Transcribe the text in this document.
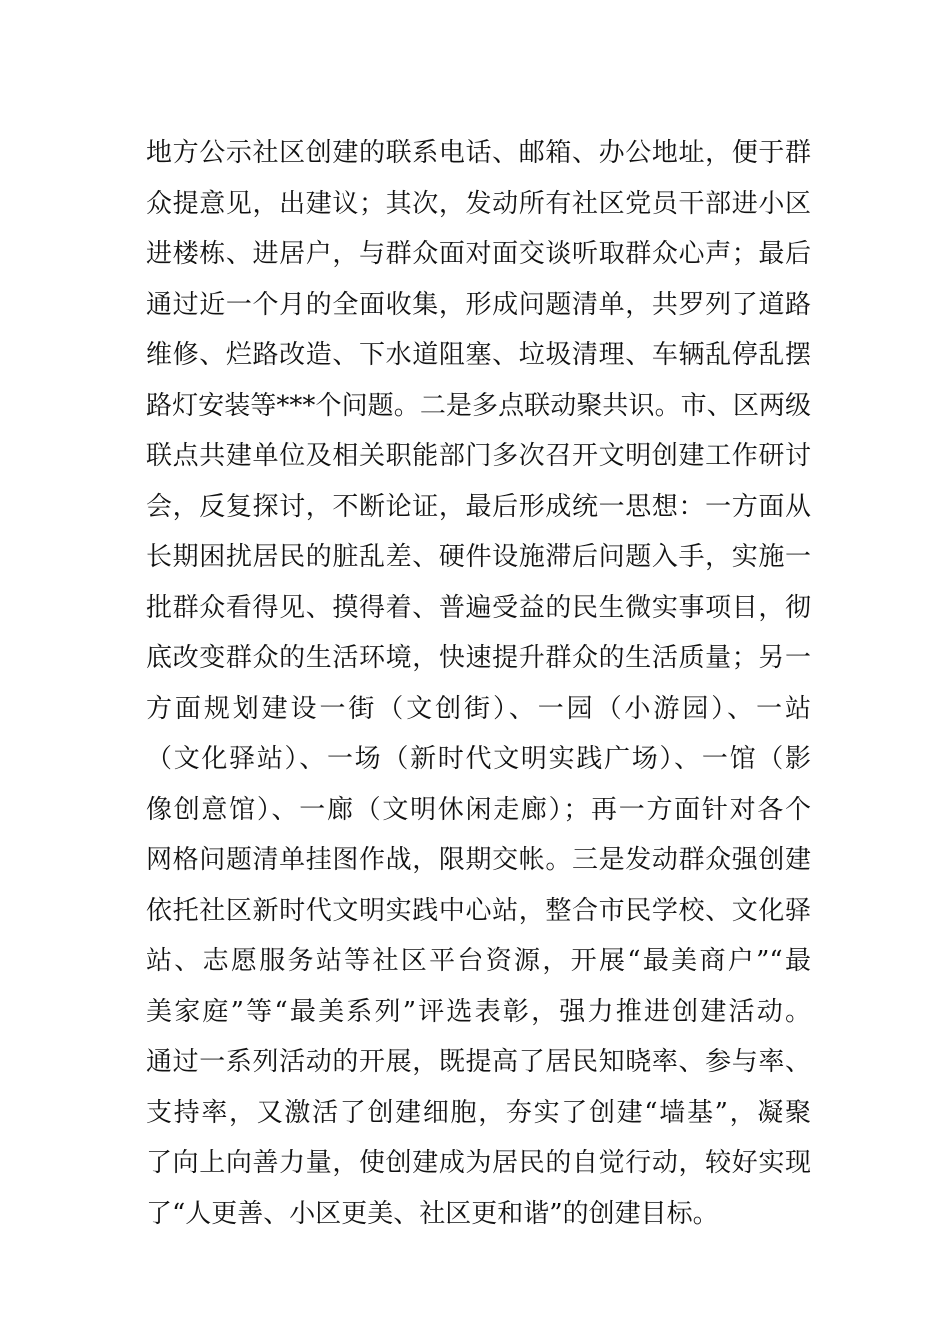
地方公示社区创建的联系电话、邮箱、办公地址，便于群
众提意见，出建议；其次，发动所有社区党员干部进小区
进楼栋、进居户，与群众面对面交谈听取群众心声；最后
通过近一个月的全面收集，形成问题清单，共罗列了道路
维修、烂路改造、下水道阻塞、垃圾清理、车辆乱停乱摆
路灯安装等***个问题。二是多点联动聚共识。市、区两级
联点共建单位及相关职能部门多次召开文明创建工作研讨
会，反复探讨，不断论证，最后形成统一思想：一方面从
长期困扰居民的脏乱差、硬件设施滞后问题入手，实施一
批群众看得见、摸得着、普遍受益的民生微实事项目，彻
底改变群众的生活环境，快速提升群众的生活质量；另一
方面规划建设一街（文创街）、一园（小游园）、一站
（文化驿站）、一场（新时代文明实践广场）、一馆（影
像创意馆）、一廊（文明休闲走廊）；再一方面针对各个
网格问题清单挂图作战，限期交帐。三是发动群众强创建
依托社区新时代文明实践中心站，整合市民学校、文化驿
站、志愿服务站等社区平台资源，开展“最美商户”“最
美家庭”等“最美系列”评选表彰，强力推进创建活动。
通过一系列活动的开展，既提高了居民知晓率、参与率、
支持率，又激活了创建细胞，夯实了创建“墙基”，凝聚
了向上向善力量，使创建成为居民的自觉行动，较好实现
了“人更善、小区更美、社区更和谐”的创建目标。
